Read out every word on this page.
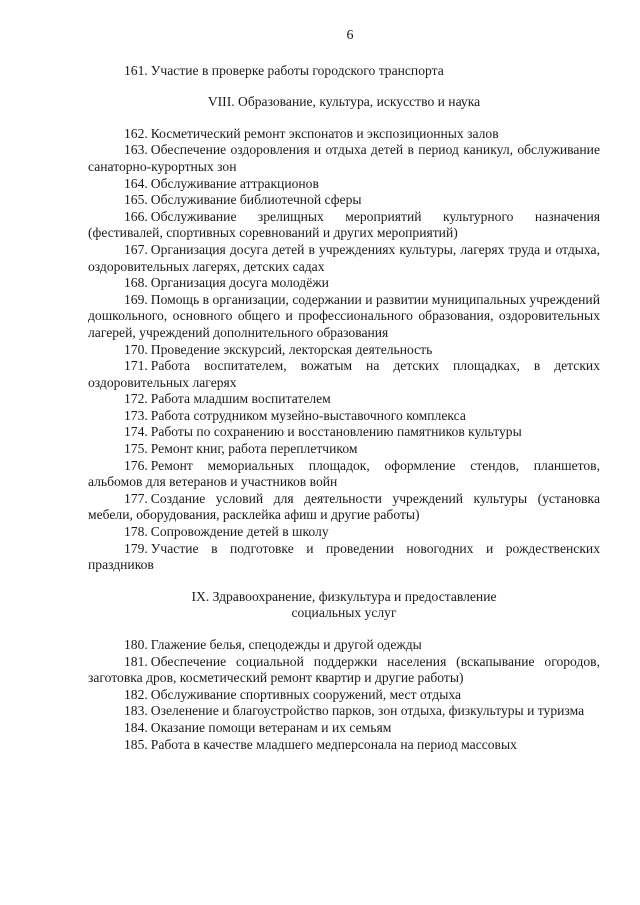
6

161. Участие в проверке работы городского транспорта

VIII. Образование, культура, искусство и наука

162. Косметический ремонт экспонатов и экспозиционных залов

163. Обеспечение оздоровления и отдыха детей в период каникул, обслуживание санаторно-курортных зон

164. Обслуживание аттракционов

165. Обслуживание библиотечной сферы

166. Обслуживание зрелищных мероприятий культурного назначения (фестивалей, спортивных соревнований и других мероприятий)

167. Организация досуга детей в учреждениях культуры, лагерях труда и отдыха, оздоровительных лагерях, детских садах

168. Организация досуга молодёжи

169. Помощь в организации, содержании и развитии муниципальных учреждений дошкольного, основного общего и профессионального образования, оздоровительных лагерей, учреждений дополнительного образования

170. Проведение экскурсий, лекторская деятельность

171. Работа воспитателем, вожатым на детских площадках, в детских оздоровительных лагерях

172. Работа младшим воспитателем

173. Работа сотрудником музейно-выставочного комплекса

174. Работы по сохранению и восстановлению памятников культуры

175. Ремонт книг, работа переплетчиком

176. Ремонт мемориальных площадок, оформление стендов, планшетов, альбомов для ветеранов и участников войн

177. Создание условий для деятельности учреждений культуры (установка мебели, оборудования, расклейка афиш и другие работы)

178. Сопровождение детей в школу

179. Участие в подготовке и проведении новогодних и рождественских праздников

IX. Здравоохранение, физкультура и предоставление
социальных услуг

180. Глажение белья, спецодежды и другой одежды

181. Обеспечение социальной поддержки населения (вскапывание огородов, заготовка дров, косметический ремонт квартир и другие работы)

182. Обслуживание спортивных сооружений, мест отдыха

183. Озеленение и благоустройство парков, зон отдыха, физкультуры и туризма

184. Оказание помощи ветеранам и их семьям

185. Работа в качестве младшего медперсонала на период массовых
